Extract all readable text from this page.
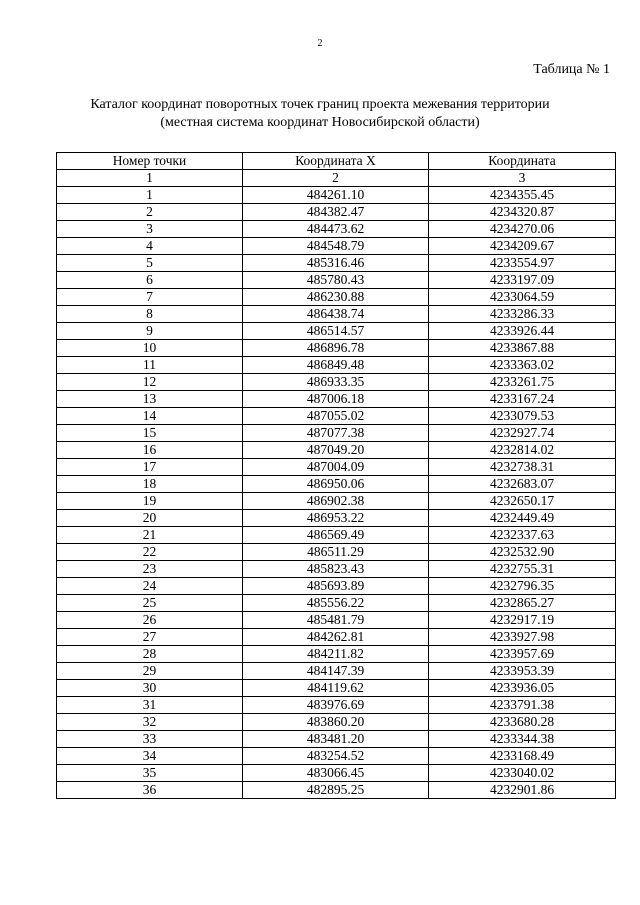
2
Таблица № 1
Каталог координат поворотных точек границ проекта межевания территории
(местная система координат Новосибирской области)
Номер точки	Координата X	Координата
1	2	3
1	484261.10	4234355.45
2	484382.47	4234320.87
3	484473.62	4234270.06
4	484548.79	4234209.67
5	485316.46	4233554.97
6	485780.43	4233197.09
7	486230.88	4233064.59
8	486438.74	4233286.33
9	486514.57	4233926.44
10	486896.78	4233867.88
11	486849.48	4233363.02
12	486933.35	4233261.75
13	487006.18	4233167.24
14	487055.02	4233079.53
15	487077.38	4232927.74
16	487049.20	4232814.02
17	487004.09	4232738.31
18	486950.06	4232683.07
19	486902.38	4232650.17
20	486953.22	4232449.49
21	486569.49	4232337.63
22	486511.29	4232532.90
23	485823.43	4232755.31
24	485693.89	4232796.35
25	485556.22	4232865.27
26	485481.79	4232917.19
27	484262.81	4233927.98
28	484211.82	4233957.69
29	484147.39	4233953.39
30	484119.62	4233936.05
31	483976.69	4233791.38
32	483860.20	4233680.28
33	483481.20	4233344.38
34	483254.52	4233168.49
35	483066.45	4233040.02
36	482895.25	4232901.86
